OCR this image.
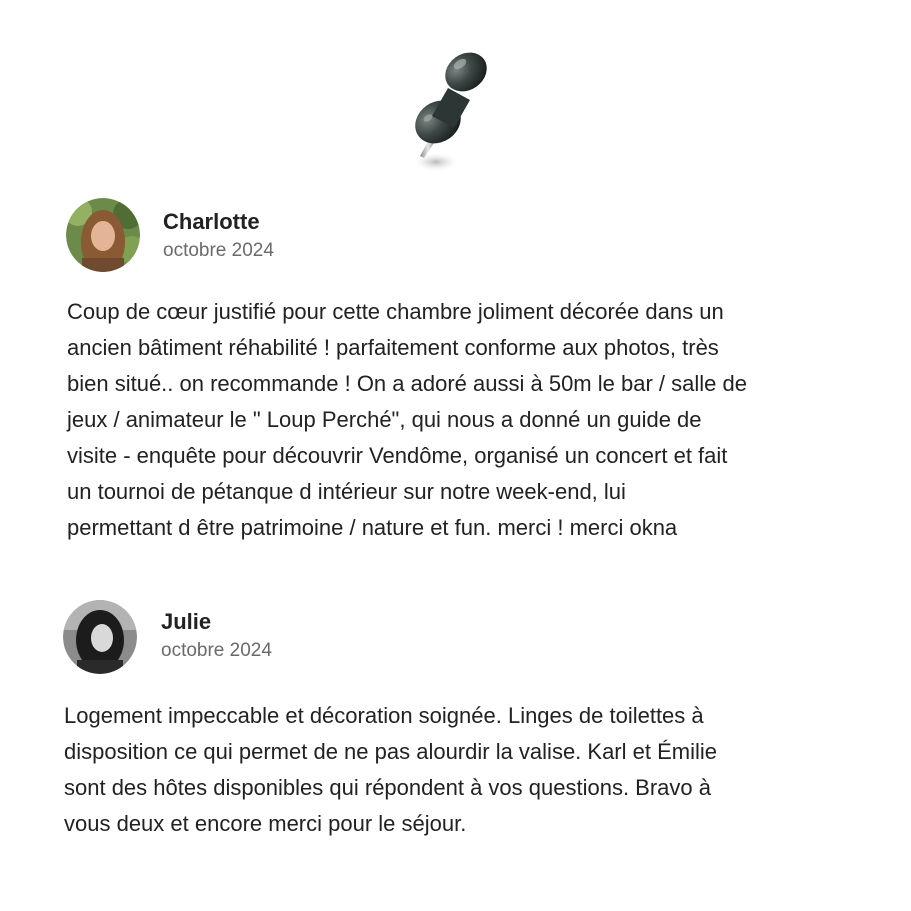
Charlotte
octobre 2024
Coup de cœur justifié pour cette chambre joliment décorée dans un
ancien bâtiment réhabilité ! parfaitement conforme aux photos, très
bien situé.. on recommande ! On a adoré aussi à 50m le bar / salle de
jeux / animateur le " Loup Perché", qui nous a donné un guide de
visite - enquête pour découvrir Vendôme, organisé un concert et fait
un tournoi de pétanque d intérieur sur notre week-end, lui
permettant d être patrimoine / nature et fun. merci ! merci okna
Julie
octobre 2024
Logement impeccable et décoration soignée. Linges de toilettes à
disposition ce qui permet de ne pas alourdir la valise. Karl et Émilie
sont des hôtes disponibles qui répondent à vos questions. Bravo à
vous deux et encore merci pour le séjour.
